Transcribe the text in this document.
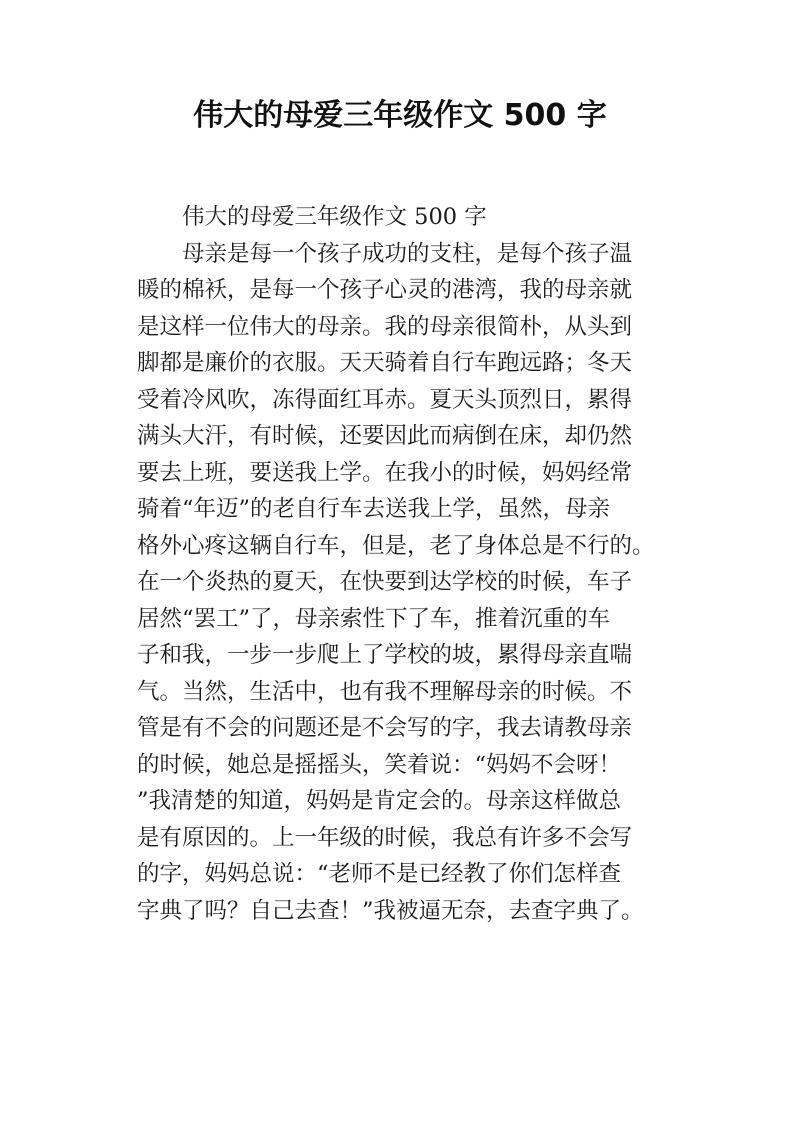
伟大的母爱三年级作文 500 字
伟大的母爱三年级作文 500 字
母亲是每一个孩子成功的支柱，是每个孩子温
暖的棉袄，是每一个孩子心灵的港湾，我的母亲就
是这样一位伟大的母亲。我的母亲很简朴，从头到
脚都是廉价的衣服。天天骑着自行车跑远路；冬天
受着冷风吹，冻得面红耳赤。夏天头顶烈日，累得
满头大汗，有时候，还要因此而病倒在床，却仍然
要去上班，要送我上学。在我小的时候，妈妈经常
骑着“年迈”的老自行车去送我上学，虽然，母亲
格外心疼这辆自行车，但是，老了身体总是不行的。
在一个炎热的夏天，在快要到达学校的时候，车子
居然“罢工”了，母亲索性下了车，推着沉重的车
子和我，一步一步爬上了学校的坡，累得母亲直喘
气。当然，生活中，也有我不理解母亲的时候。不
管是有不会的问题还是不会写的字，我去请教母亲
的时候，她总是摇摇头，笑着说：“妈妈不会呀！
”我清楚的知道，妈妈是肯定会的。母亲这样做总
是有原因的。上一年级的时候，我总有许多不会写
的字，妈妈总说：“老师不是已经教了你们怎样查
字典了吗？自己去查！”我被逼无奈，去查字典了。
